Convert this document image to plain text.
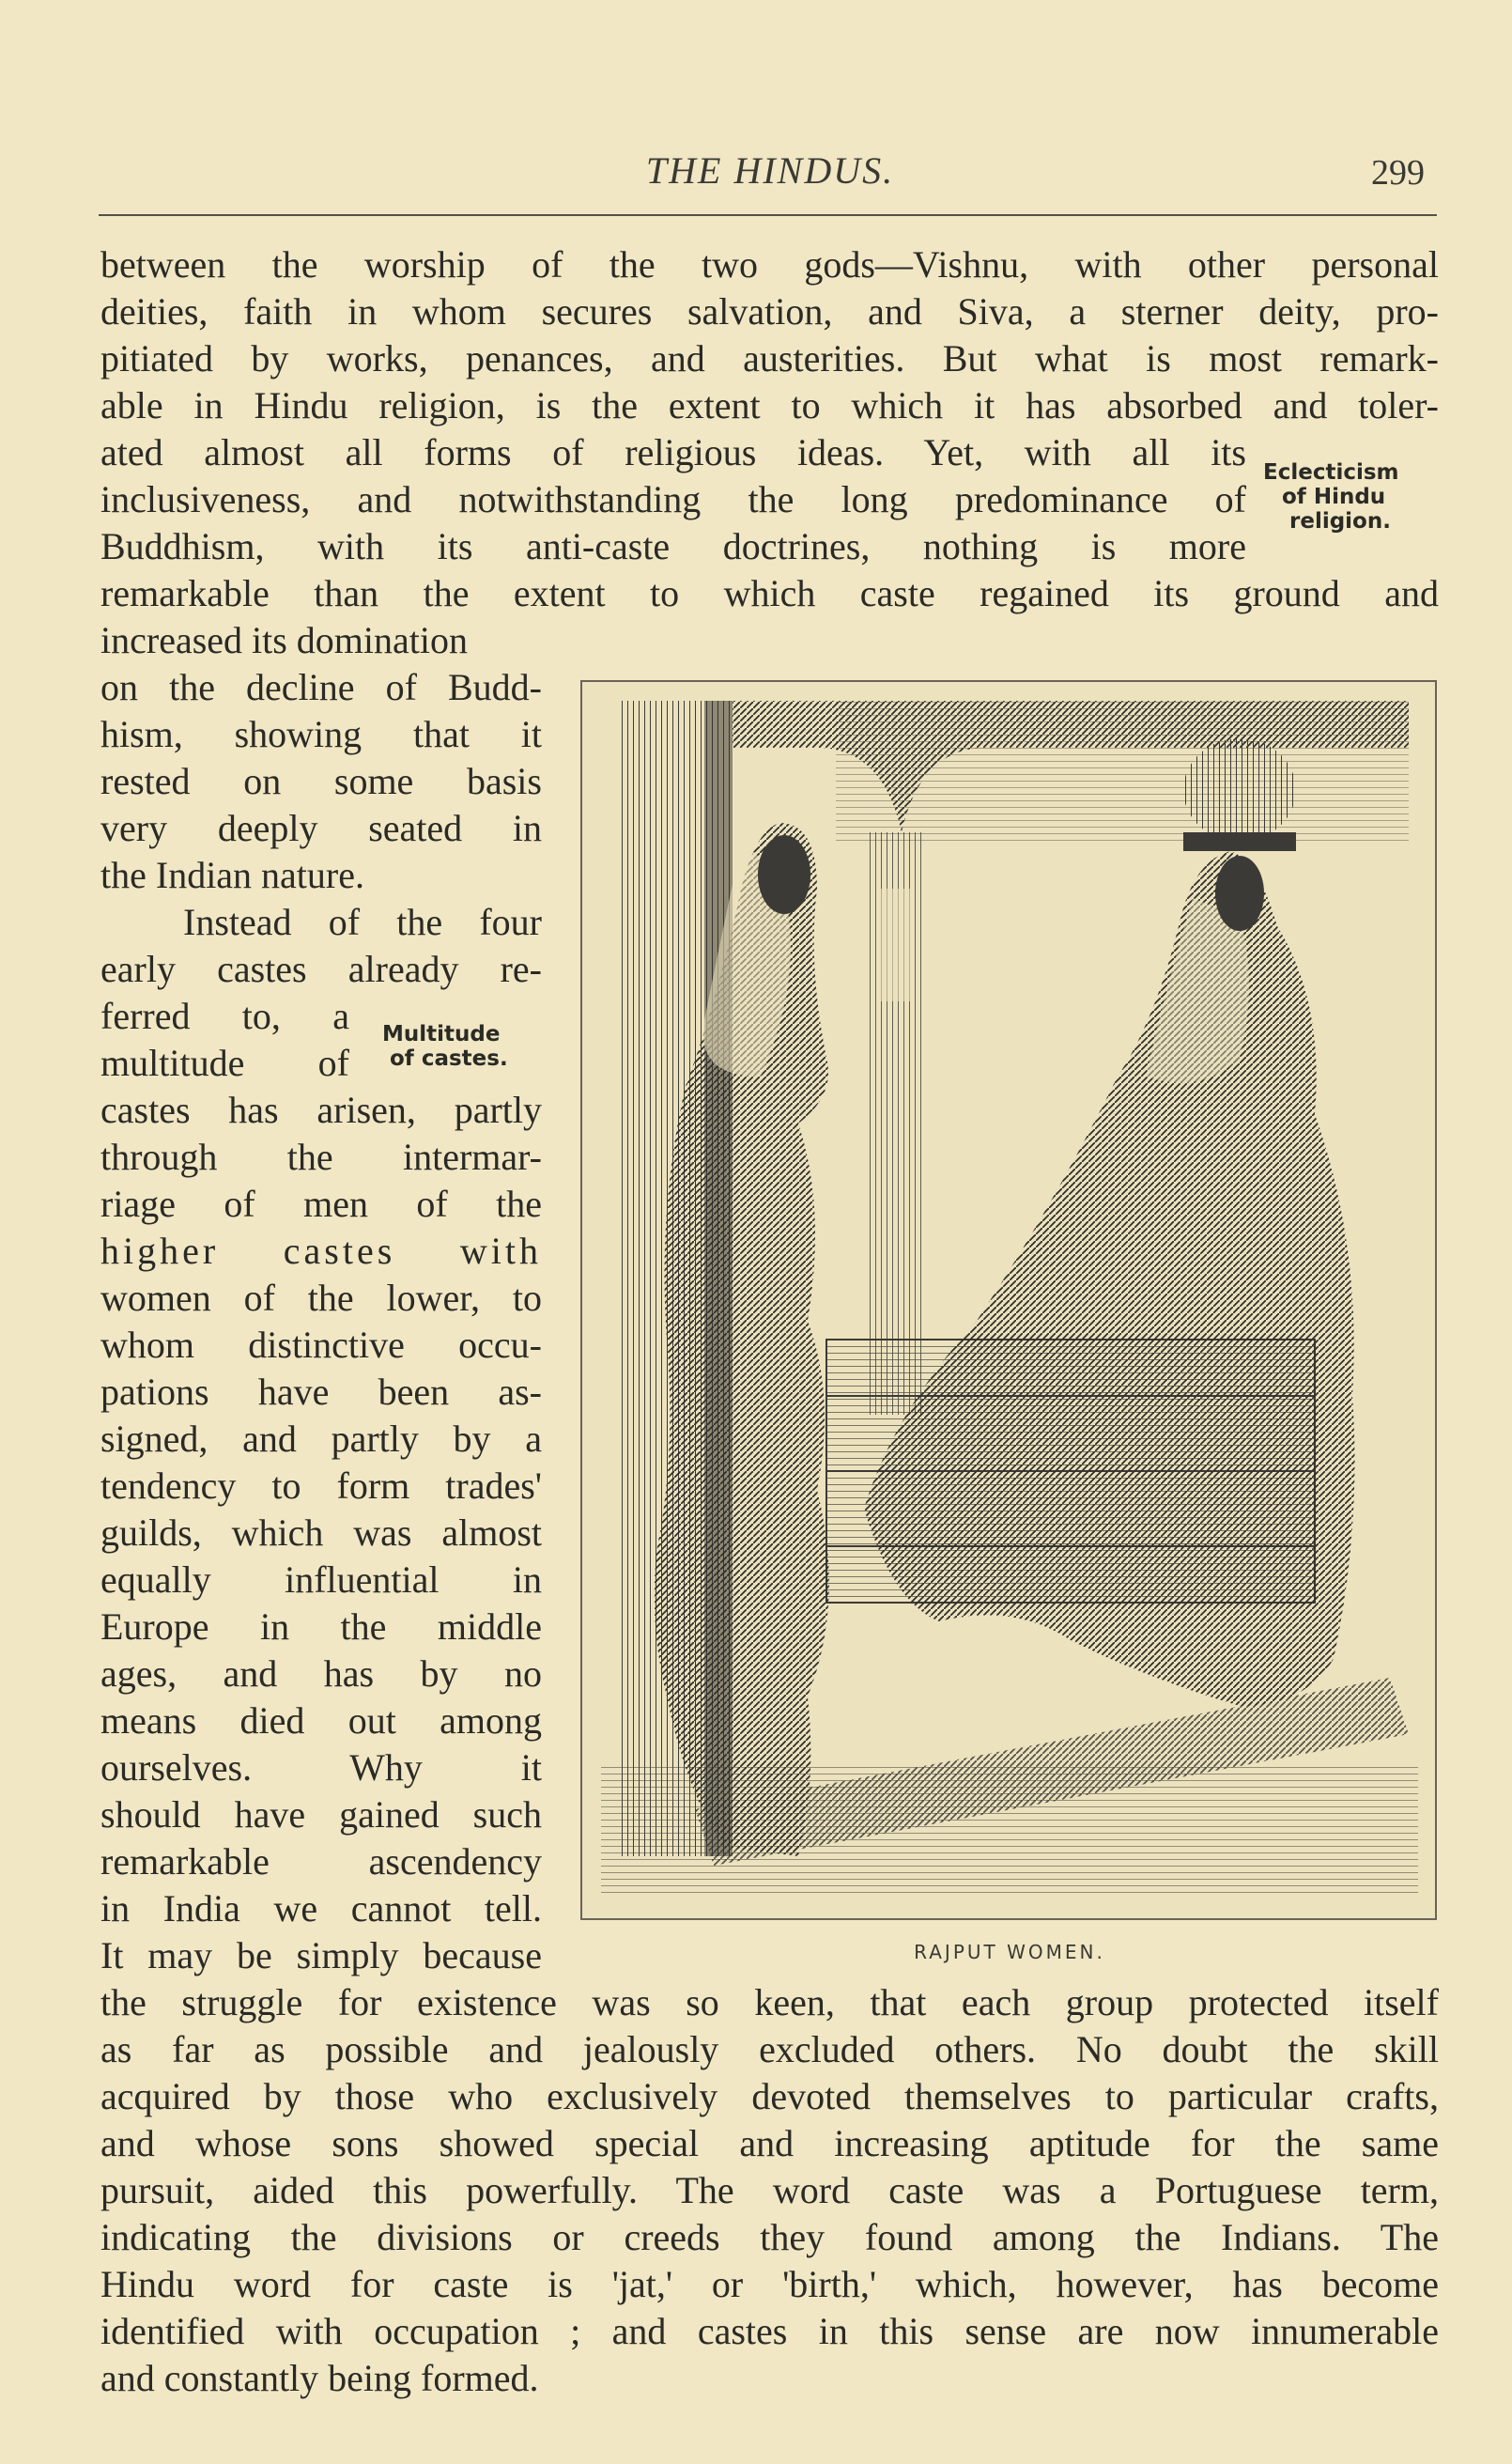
THE HINDUS.	299
between the worship of the two gods—Vishnu, with other personal
deities, faith in whom secures salvation, and Siva, a sterner deity, pro-
pitiated by works, penances, and austerities. But what is most remark-
able in Hindu religion, is the extent to which it has absorbed and toler-
ated almost all forms of religious ideas. Yet, with all its
inclusiveness, and notwithstanding the long predominance of
Buddhism, with its anti-caste doctrines, nothing is more
remarkable than the extent to which caste regained its ground and
increased its domination
Eclecticism
of Hindu
religion.
on the decline of Budd-
hism, showing that it
rested on some basis
very deeply seated in
the Indian nature.
Instead of the four
early castes already re-
ferred to, a
multitude of
Multitude
of castes.
castes has arisen, partly
through the intermar-
riage of men of the
higher castes with
women of the lower, to
whom distinctive occu-
pations have been as-
signed, and partly by a
tendency to form trades'
guilds, which was almost
equally influential in
Europe in the middle
ages, and has by no
means died out among
ourselves. Why it
should have gained such
remarkable ascendency
in India we cannot tell.
It may be simply because	RAJPUT WOMEN.
the struggle for existence was so keen, that each group protected itself
as far as possible and jealously excluded others. No doubt the skill
acquired by those who exclusively devoted themselves to particular crafts,
and whose sons showed special and increasing aptitude for the same
pursuit, aided this powerfully. The word caste was a Portuguese term,
indicating the divisions or creeds they found among the Indians. The
Hindu word for caste is 'jat,' or 'birth,' which, however, has become
identified with occupation ; and castes in this sense are now innumerable
and constantly being formed.
